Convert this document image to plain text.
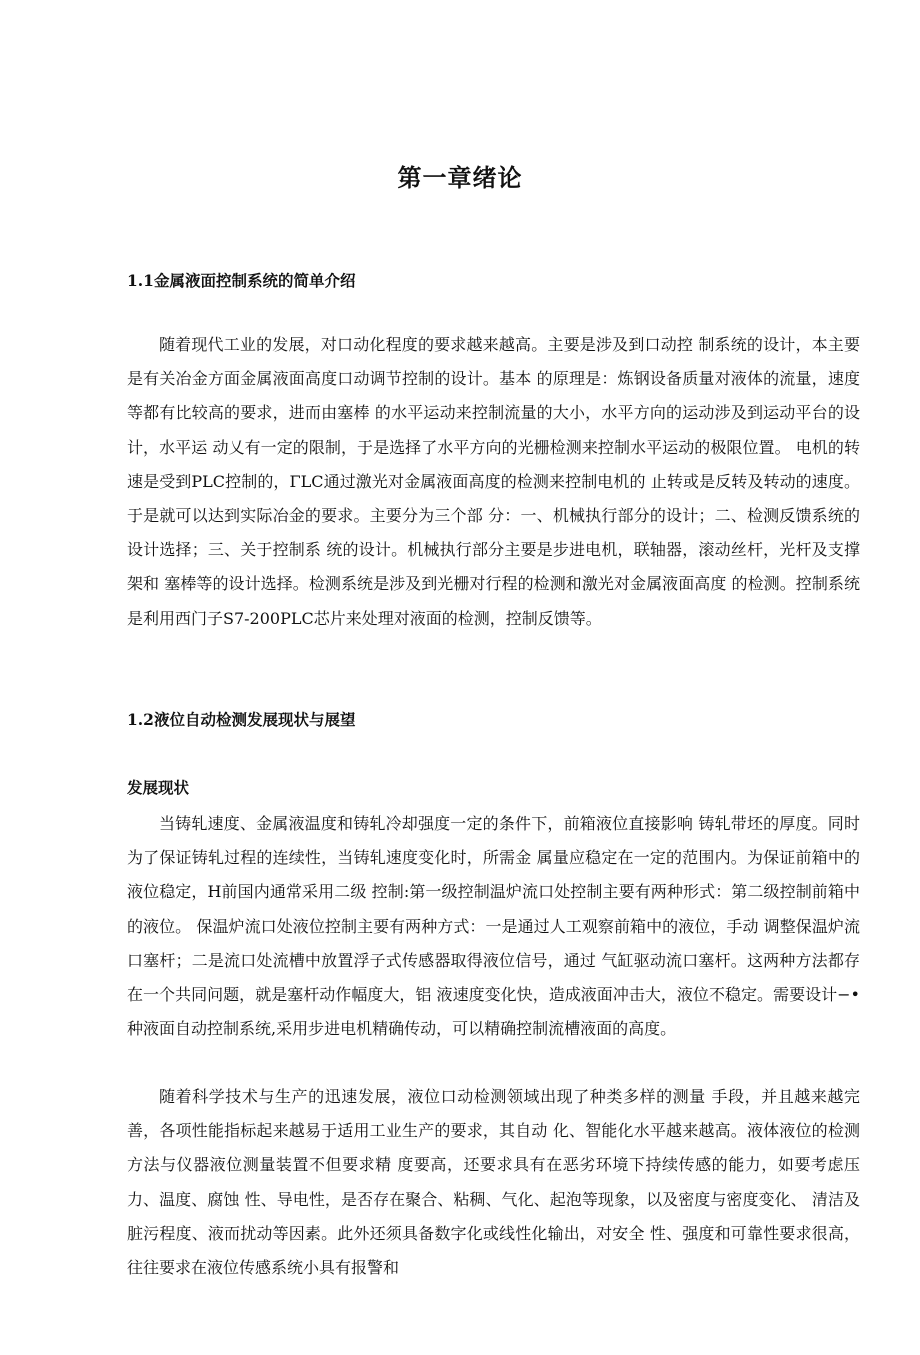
第一章绪论
1.1金属液面控制系统的简单介绍

随着现代工业的发展，对口动化程度的要求越来越高。主要是涉及到口动控 制系统的设计，本主要是有关冶金方面金属液面高度口动调节控制的设计。基本 的原理是：炼钢设备质量对液体的流量，速度等都有比较高的要求，进而由塞棒 的水平运动来控制流量的大小，水平方向的运动涉及到运动平台的设计，水平运 动乂有一定的限制，于是选择了水平方向的光栅检测来控制水平运动的极限位置。 电机的转速是受到PLC控制的，ΓLC通过激光对金属液面高度的检测来控制电机的 止转或是反转及转动的速度。于是就可以达到实际冶金的要求。主要分为三个部 分：一、机械执行部分的设计；二、检测反馈系统的设计选择；三、关于控制系 统的设计。机械执行部分主要是步进电机，联轴器，滚动丝杆，光杆及支撑架和 塞棒等的设计选择。检测系统是涉及到光栅对行程的检测和激光对金属液面高度 的检测。控制系统是利用西门子S7-200PLC芯片来处理对液面的检测，控制反馈等。

1.2液位自动检测发展现状与展望
发展现状

当铸轧速度、金属液温度和铸轧冷却强度一定的条件下，前箱液位直接影响 铸轧带坯的厚度。同时为了保证铸轧过程的连续性，当铸轧速度变化时，所需金 属量应稳定在一定的范围内。为保证前箱中的液位稳定，H前国内通常采用二级 控制:第一级控制温炉流口处控制主要有两种形式：第二级控制前箱中的液位。 保温炉流口处液位控制主要有两种方式：一是通过人工观察前箱中的液位，手动 调整保温炉流口塞杆；二是流口处流槽中放置浮子式传感器取得液位信号，通过 气缸驱动流口塞杆。这两种方法都存在一个共同问题，就是塞杆动作幅度大，铝 液速度变化快，造成液面冲击大，液位不稳定。需要设计−•种液面自动控制系统,采用步进电机精确传动，可以精确控制流槽液面的高度。

随着科学技术与生产的迅速发展，液位口动检测领域出现了种类多样的测量 手段，并且越来越完善，各项性能指标起来越易于适用工业生产的要求，其自动 化、智能化水平越来越高。液体液位的检测方法与仪器液位测量装置不但要求精 度要高，还要求具有在恶劣环境下持续传感的能力，如要考虑压力、温度、腐蚀 性、导电性，是否存在聚合、粘稠、气化、起泡等现象，以及密度与密度变化、 清洁及脏污程度、液而扰动等因素。此外还须具备数字化或线性化输出，对安全 性、强度和可靠性要求很高，往往要求在液位传感系统小具有报警和
